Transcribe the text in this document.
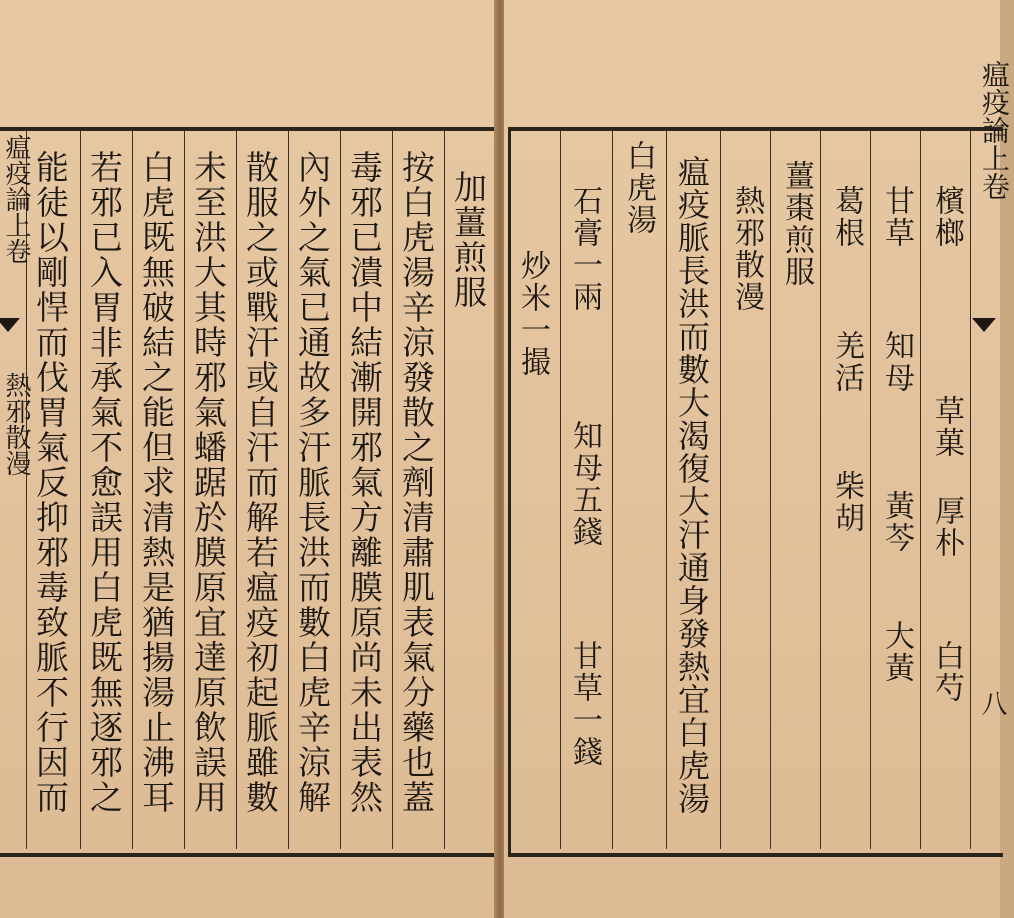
瘟疫論上卷
熱邪散漫
加薑煎服
按白虎湯辛涼發散之劑清肅肌表氣分藥也蓋
毒邪已潰中結漸開邪氣方離膜原尚未出表然
內外之氣已通故多汗脈長洪而數白虎辛涼解
散服之或戰汗或自汗而解若瘟疫初起脈雖數
未至洪大其時邪氣蟠踞於膜原宜達原飲誤用
白虎既無破結之能但求清熱是猶揚湯止沸耳
若邪已入胃非承氣不愈誤用白虎既無逐邪之
能徒以剛悍而伐胃氣反抑邪毒致脈不行因而
瘟疫論上卷
八
檳榔
草菓
厚朴
白芍
甘草
知母
黃芩
大黃
葛根
羌活
柴胡
薑棗煎服
熱邪散漫
瘟疫脈長洪而數大渴復大汗通身發熱宜白虎湯
白虎湯
石膏一兩
知母五錢
甘草一錢
炒米一撮
